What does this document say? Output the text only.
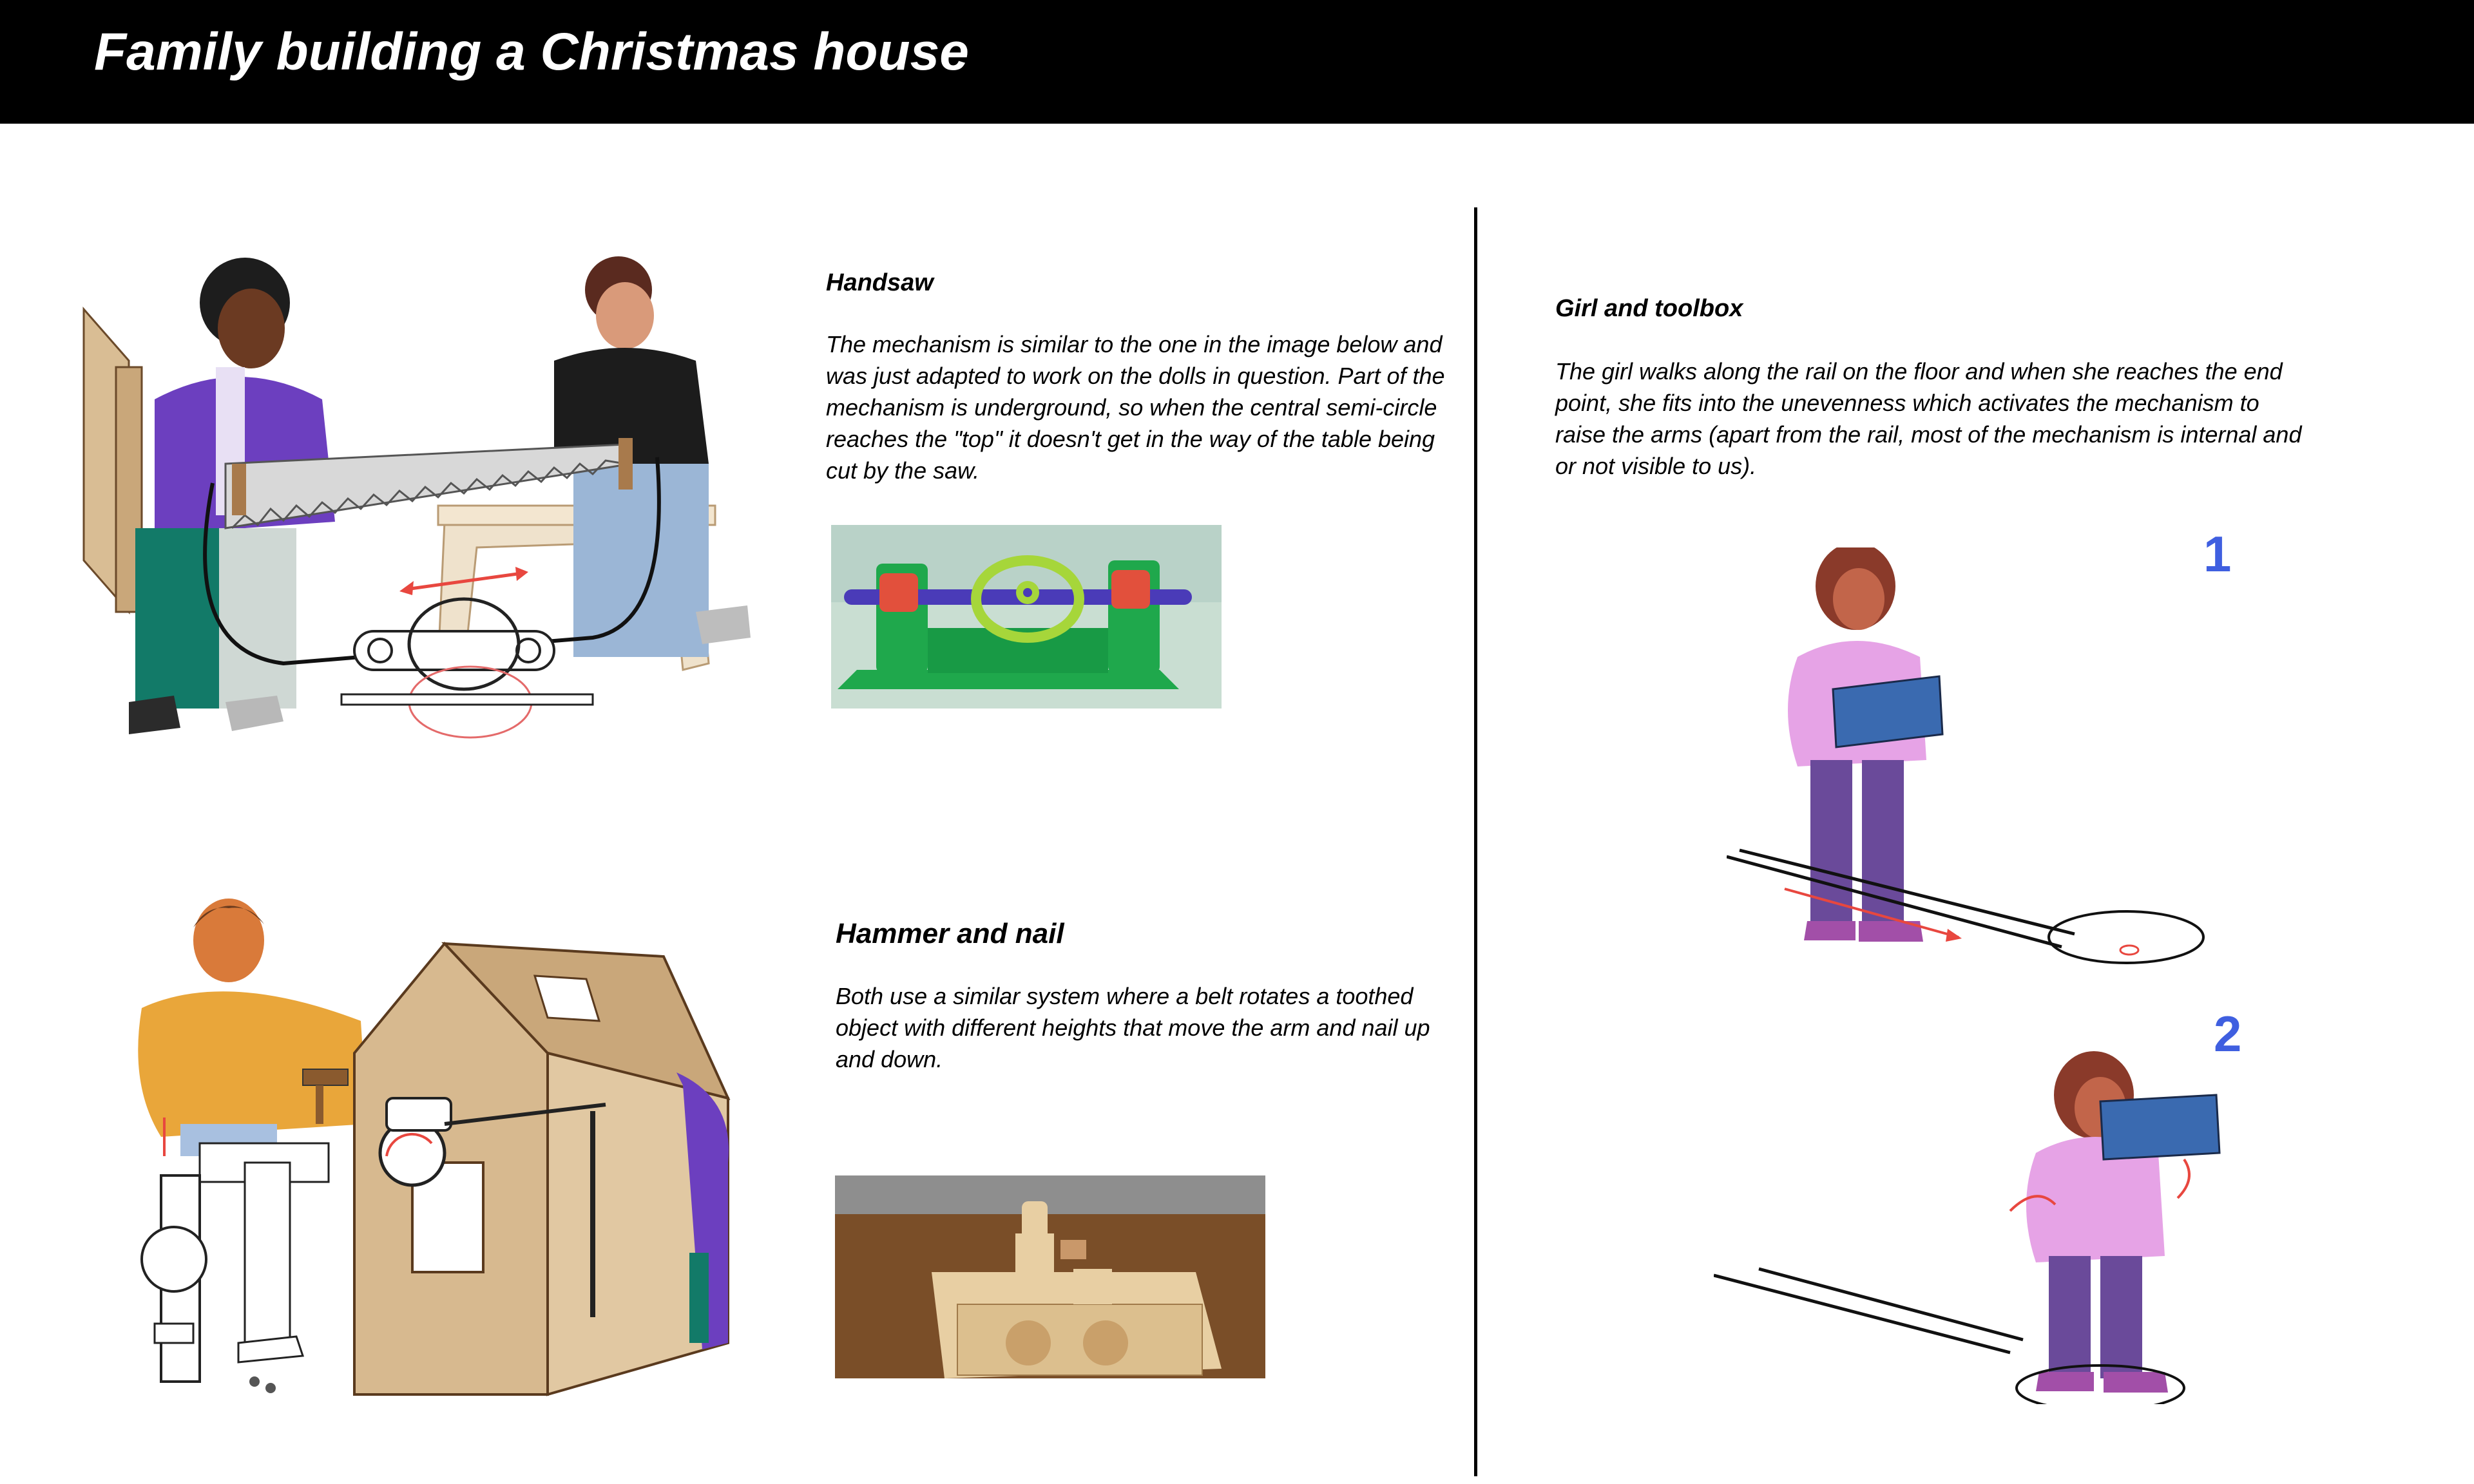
Family building a Christmas house
Handsaw

The mechanism is similar to the one in the image below and was just adapted to work on the dolls in question. Part of the mechanism is underground, so when the central semi-circle reaches the "top" it doesn't get in the way of the table being cut by the saw.

Hammer and nail

Both use a similar system where a belt rotates a toothed object with different heights that move the arm and nail up and down.

Girl and toolbox

The girl walks along the rail on the floor and when she reaches the end point, she fits into the unevenness which activates the mechanism to raise the arms (apart from the rail, most of the mechanism is internal and or not visible to us).

1
2
